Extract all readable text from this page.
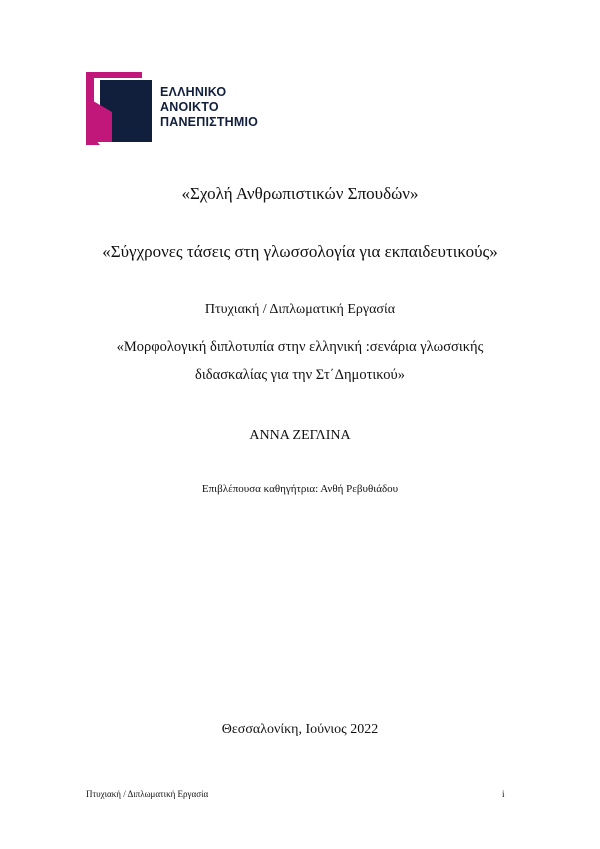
ΕΛΛΗΝΙΚΟ
ΑΝΟΙΚΤΟ
ΠΑΝΕΠΙΣΤΗΜΙΟ
«Σχολή Ανθρωπιστικών Σπουδών»
«Σύγχρονες τάσεις στη γλωσσολογία για εκπαιδευτικούς»
Πτυχιακή / Διπλωματική Εργασία
«Μορφολογική διπλοτυπία στην ελληνική :σενάρια γλωσσικής
διδασκαλίας για την Στ΄Δημοτικού»
ΑΝΝΑ ΖΕΓΛΙΝΑ
Επιβλέπουσα καθηγήτρια: Ανθή Ρεβυθιάδου
Θεσσαλονίκη, Ιούνιος 2022
Πτυχιακή / Διπλωματική Εργασία	i
